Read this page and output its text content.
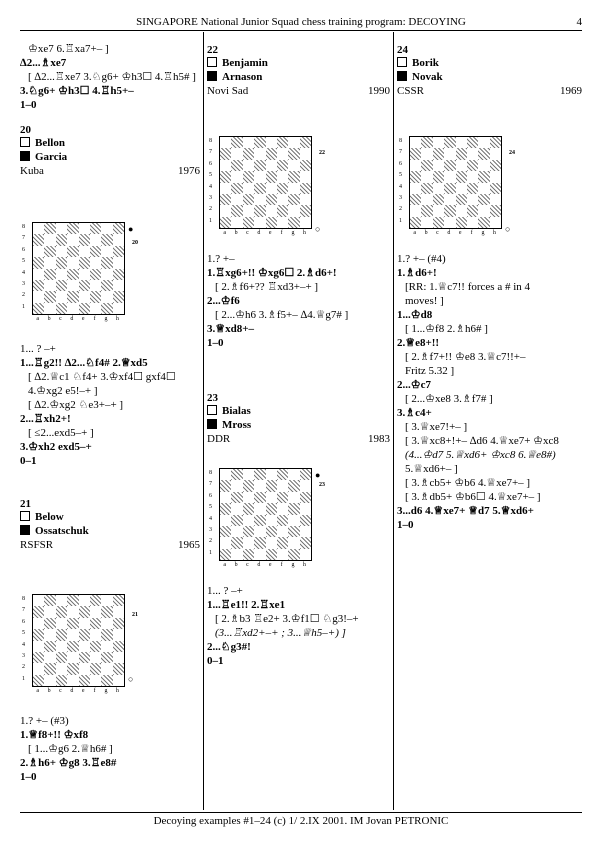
SINGAPORE National Junior Squad chess training program: DECOYING	4
♔xe7 6.♖xa7+– ]
∆2...♗xe7
[ ∆2...♖xe7 3.♘g6+ ♔h3☐ 4.♖h5# ]
3.♘g6+ ♔h3☐ 4.♖h5+–
1–0
20
Bellon
Garcia
Kuba	1976
8
7
6
5
4
3
2
1
a	b	c	d	e	f	g	h
●
20
1... ? –+
1...♖g2!! ∆2...♘f4# 2.♕xd5
[ ∆2.♕c1 ♘f4+ 3.♔xf4☐ gxf4☐
4.♔xg2 e5!–+ ]
[ ∆2.♔xg2 ♘e3+–+ ]
2...♖xh2+!
[ ≤2...exd5–+ ]
3.♔xh2 exd5–+
0–1
21
Below
Ossatschuk
RSFSR	1965
8
7
6
5
4
3
2
1
a	b	c	d	e	f	g	h
21
○
1.? +– (#3)
1.♕f8+!! ♔xf8
[ 1...♔g6 2.♕h6# ]
2.♗h6+ ♔g8 3.♖e8#
1–0
22
Benjamin
Arnason
Novi Sad	1990
8
7
6
5
4
3
2
1
a	b	c	d	e	f	g	h
22
○
1.? +–
1.♖xg6+!! ♔xg6☐ 2.♗d6+!
[ 2.♗f6+?? ♖xd3+–+ ]
2...♔f6
[ 2...♔h6 3.♗f5+– ∆4.♕g7# ]
3.♕xd8+–
1–0
23
Bialas
Mross
DDR	1983
8
7
6
5
4
3
2
1
a	b	c	d	e	f	g	h
●
23
1... ? –+
1...♖e1!! 2.♖xe1
[ 2.♗b3 ♖e2+ 3.♔f1☐ ♘g3!–+
(3...♖xd2+–+ ; 3...♕h5–+) ]
2...♘g3#!
0–1
24
Borik
Novak
CSSR	1969
8
7
6
5
4
3
2
1
a	b	c	d	e	f	g	h
24
○
1.? +– (#4)
1.♗d6+!
[RR: 1.♕c7!! forces a # in 4
moves! ]
1...♔d8
[ 1...♔f8 2.♗h6# ]
2.♕e8+!!
[ 2.♗f7+!! ♔e8 3.♕c7!!+–
Fritz 5.32 ]
2...♔c7
[ 2...♔xe8 3.♗f7# ]
3.♗c4+
[ 3.♕xe7!+– ]
[ 3.♕xc8+!+– ∆d6 4.♕xe7+ ♔xc8
(4...♔d7 5.♕xd6+ ♔xc8 6.♕e8#)
5.♕xd6+– ]
[ 3.♗cb5+ ♔b6 4.♕xe7+– ]
[ 3.♗db5+ ♔b6☐ 4.♕xe7+– ]
3...d6 4.♕xe7+ ♕d7 5.♕xd6+
1–0
Decoying examples #1–24 (c) 1/ 2.IX 2001. IM Jovan PETRONIC
